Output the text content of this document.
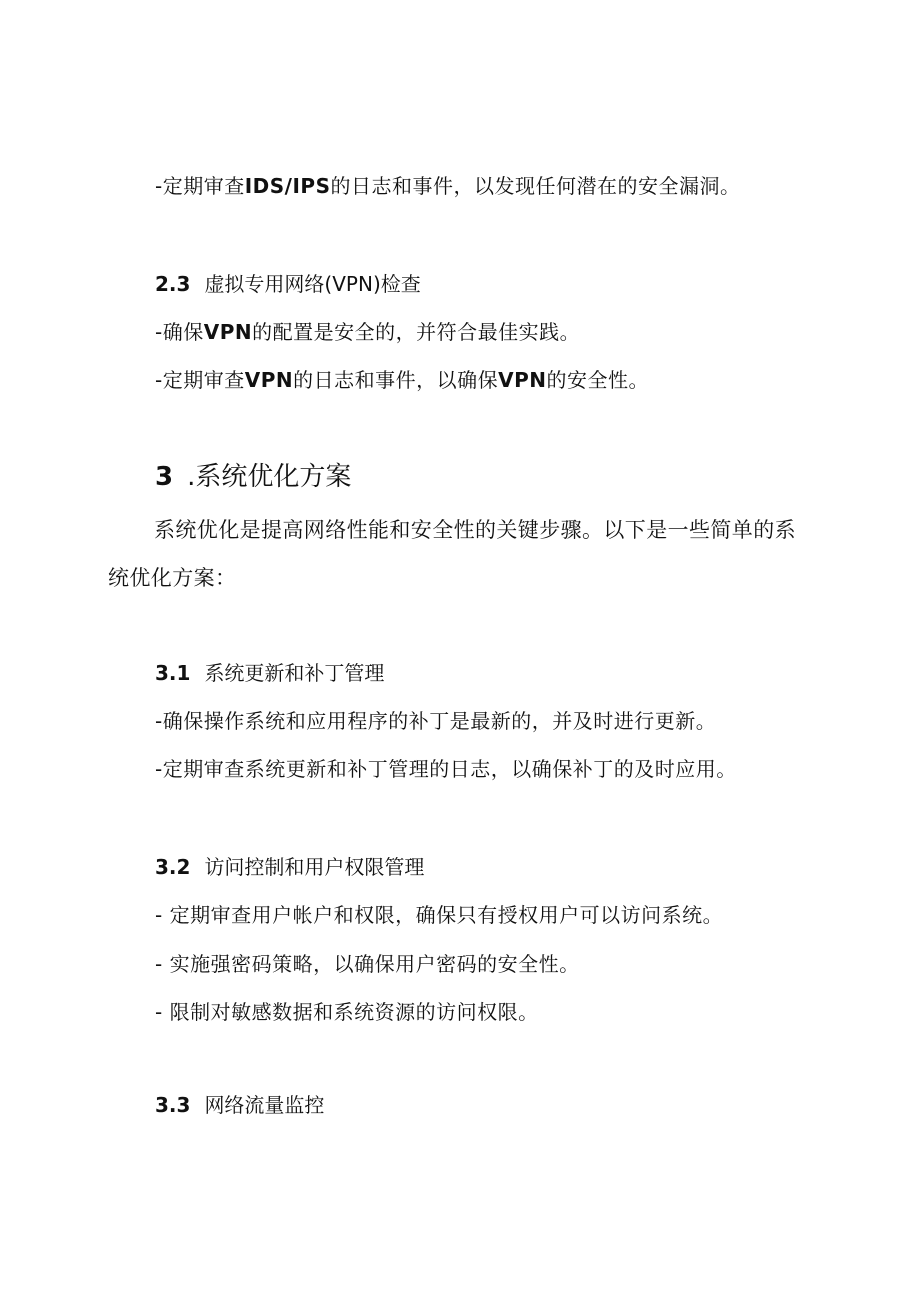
-定期审查IDS/IPS的日志和事件，以发现任何潜在的安全漏洞。
2.3 虚拟专用网络(VPN)检查
-确保VPN的配置是安全的，并符合最佳实践。
-定期审查VPN的日志和事件，以确保VPN的安全性。
3 .系统优化方案
系统优化是提高网络性能和安全性的关键步骤。以下是一些简单的系统优化方案：
3.1 系统更新和补丁管理
-确保操作系统和应用程序的补丁是最新的，并及时进行更新。
-定期审查系统更新和补丁管理的日志，以确保补丁的及时应用。
3.2 访问控制和用户权限管理
- 定期审查用户帐户和权限，确保只有授权用户可以访问系统。
- 实施强密码策略，以确保用户密码的安全性。
- 限制对敏感数据和系统资源的访问权限。
3.3 网络流量监控
